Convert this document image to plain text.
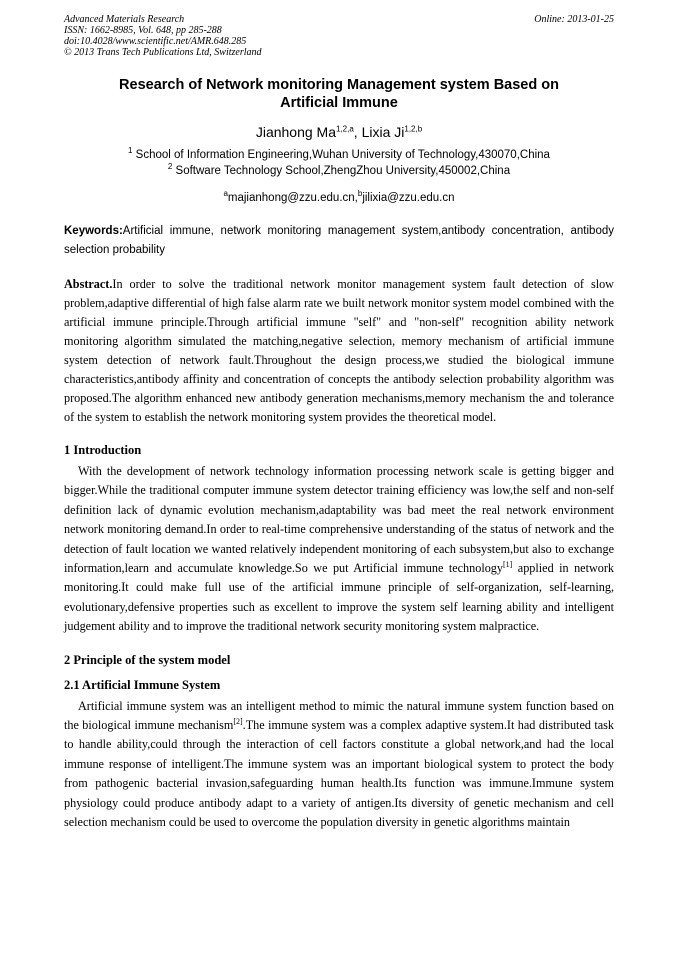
Advanced Materials Research
ISSN: 1662-8985, Vol. 648, pp 285-288
doi:10.4028/www.scientific.net/AMR.648.285
© 2013 Trans Tech Publications Ltd, Switzerland
Online: 2013-01-25
Research of Network monitoring Management system Based on
Artificial Immune
Jianhong Ma$^{1,2,a}$, Lixia Ji$^{1,2,b}$
$^1$ School of Information Engineering,Wuhan University of Technology,430070,China
$^2$ Software Technology School,ZhengZhou University,450002,China
$^a$majianhong@zzu.edu.cn,$^b$jilixia@zzu.edu.cn
Keywords:Artificial immune, network monitoring management system,antibody concentration, antibody selection probability
Abstract.In order to solve the traditional network monitor management system fault detection of slow problem,adaptive differential of high false alarm rate we built network monitor system model combined with the artificial immune principle.Through artificial immune "self" and "non-self" recognition ability network monitoring algorithm simulated the matching,negative selection, memory mechanism of artificial immune system detection of network fault.Throughout the design process,we studied the biological immune characteristics,antibody affinity and concentration of concepts the antibody selection probability algorithm was proposed.The algorithm enhanced new antibody generation mechanisms,memory mechanism the and tolerance of the system to establish the network monitoring system provides the theoretical model.
1 Introduction
With the development of network technology information processing network scale is getting bigger and bigger.While the traditional computer immune system detector training efficiency was low,the self and non-self definition lack of dynamic evolution mechanism,adaptability was bad meet the real network environment network monitoring demand.In order to real-time comprehensive understanding of the status of network and the detection of fault location we wanted relatively independent monitoring of each subsystem,but also to exchange information,learn and accumulate knowledge.So we put Artificial immune technology[1] applied in network monitoring.It could make full use of the artificial immune principle of self-organization, self-learning, evolutionary,defensive properties such as excellent to improve the system self learning ability and intelligent judgement ability and to improve the traditional network security monitoring system malpractice.
2 Principle of the system model
2.1 Artificial Immune System
Artificial immune system was an intelligent method to mimic the natural immune system function based on the biological immune mechanism[2].The immune system was a complex adaptive system.It had distributed task to handle ability,could through the interaction of cell factors constitute a global network,and had the local immune response of intelligent.The immune system was an important biological system to protect the body from pathogenic bacterial invasion,safeguarding human health.Its function was immune.Immune system physiology could produce antibody adapt to a variety of antigen.Its diversity of genetic mechanism and cell selection mechanism could be used to overcome the population diversity in genetic algorithms maintain
